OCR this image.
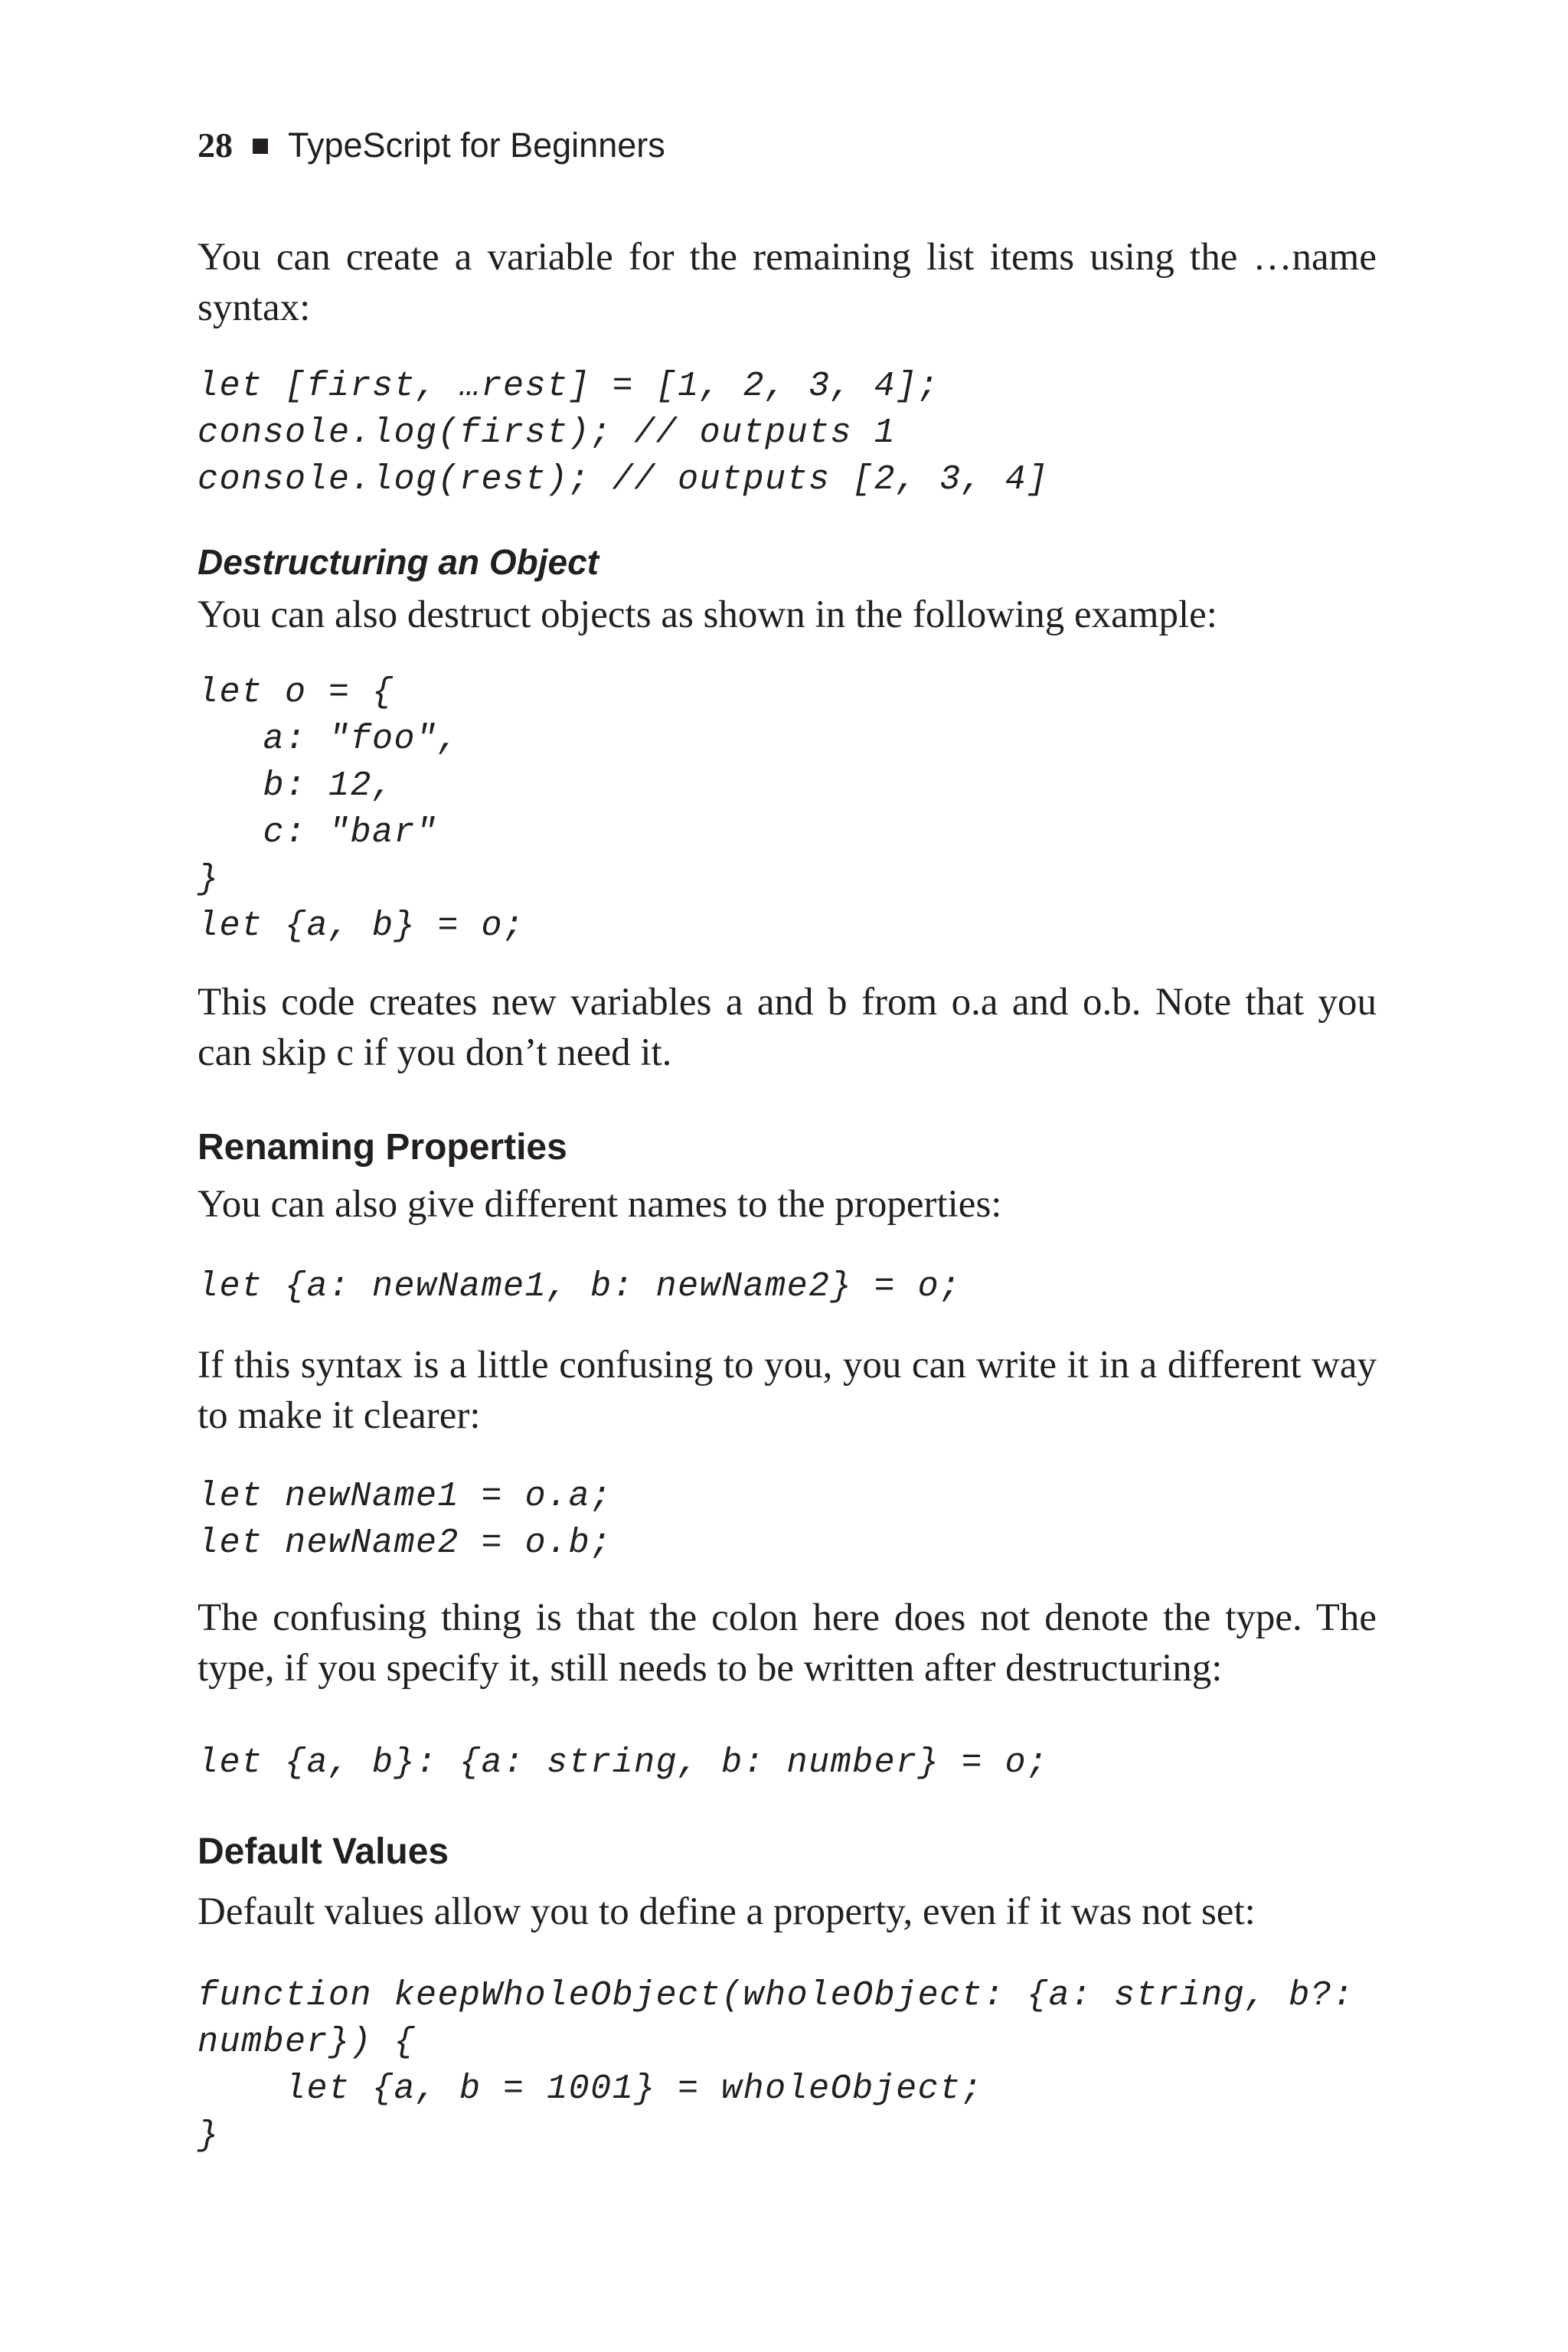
28 TypeScript for Beginners

You can create a variable for the remaining list items using the …name syntax:

let [first, …rest] = [1, 2, 3, 4];
console.log(first); // outputs 1
console.log(rest); // outputs [2, 3, 4]
Destructuring an Object

You can also destruct objects as shown in the following example:

let o = {
a: "foo",
b: 12,
c: "bar"
}
let {a, b} = o;

This code creates new variables a and b from o.a and o.b. Note that you can skip c if you don’t need it.

Renaming Properties

You can also give different names to the properties:

let {a: newName1, b: newName2} = o;

If this syntax is a little confusing to you, you can write it in a different way to make it clearer:

let newName1 = o.a;
let newName2 = o.b;

The confusing thing is that the colon here does not denote the type. The type, if you specify it, still needs to be written after destructuring:

let {a, b}: {a: string, b: number} = o;
Default Values

Default values allow you to define a property, even if it was not set:

function keepWholeObject(wholeObject: {a: string, b?:
number}) {
let {a, b = 1001} = wholeObject;
}
